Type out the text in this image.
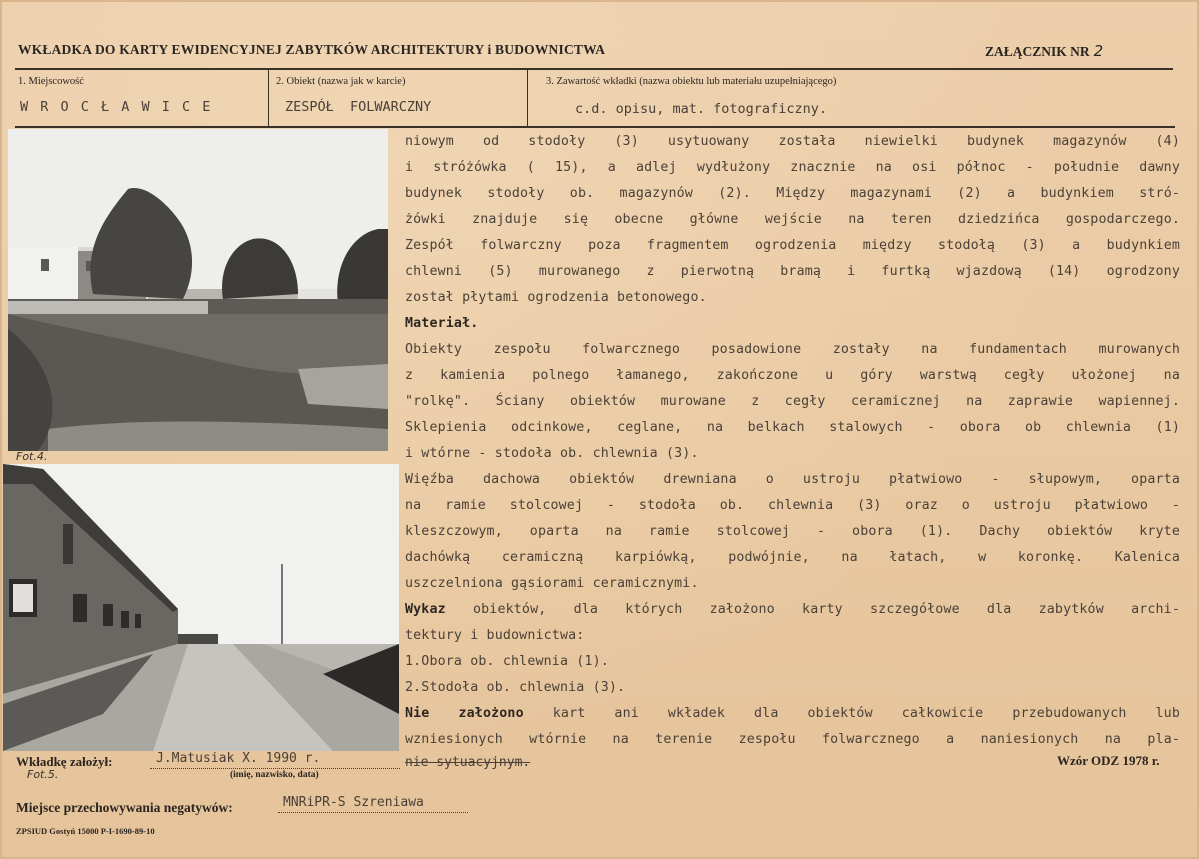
WKŁADKA DO KARTY EWIDENCYJNEJ ZABYTKÓW ARCHITEKTURY i BUDOWNICTWA	ZAŁĄCZNIK NR 2
1. Miejscowość
W R O C Ł A W I C E
2. Obiekt (nazwa jak w karcie)
ZESPÓŁ  FOLWARCZNY
3. Zawartość wkładki (nazwa obiektu lub materiału uzupełniającego)
c.d. opisu, mat. fotograficzny.
Fot.4.
Fot.5.
niowym od stodoły (3) usytuowany została niewielki budynek magazynów (4)
i stróżówka ( 15), a adlej wydłużony znacznie na osi północ - południe dawny
budynek stodoły ob. magazynów (2). Między magazynami (2) a budynkiem stró-
żówki znajduje się obecne główne wejście na teren dziedzińca gospodarczego.
Zespół folwarczny poza fragmentem ogrodzenia między stodołą (3) a budynkiem
chlewni (5) murowanego z pierwotną bramą i furtką wjazdową (14) ogrodzony
został płytami ogrodzenia betonowego.
Materiał.
Obiekty zespołu folwarcznego posadowione zostały na fundamentach murowanych
z kamienia polnego łamanego, zakończone u góry warstwą cegły ułożonej na
"rolkę". Ściany obiektów murowane z cegły ceramicznej na zaprawie wapiennej.
Sklepienia odcinkowe, ceglane, na belkach stalowych - obora ob chlewnia (1)
i wtórne - stodoła ob. chlewnia (3).
Więźba dachowa obiektów drewniana o ustroju płatwiowo - słupowym, oparta
na ramie stolcowej - stodoła ob. chlewnia (3) oraz o ustroju płatwiowo -
kleszczowym, oparta na ramie stolcowej - obora (1). Dachy obiektów kryte
dachówką ceramiczną karpiówką, podwójnie, na łatach, w koronkę. Kalenica
uszczelniona gąsiorami ceramicznymi.
Wykaz obiektów, dla których założono karty szczegółowe dla zabytków archi-
tektury i budownictwa:
1.Obora ob. chlewnia (1).
2.Stodoła ob. chlewnia (3).
Nie założono kart ani wkładek dla obiektów całkowicie przebudowanych lub
wzniesionych wtórnie na terenie zespołu folwarcznego a naniesionych na pla-
Wkładkę założył:	J.Matusiak X. 1990 r.
(imię, nazwisko, data)
nie sytuacyjnym.	Wzór ODZ 1978 r.
Miejsce przechowywania negatywów:	MNRiPR-S Szreniawa
ZPSIUD Gostyń 15000 P-I-1690-89-10
